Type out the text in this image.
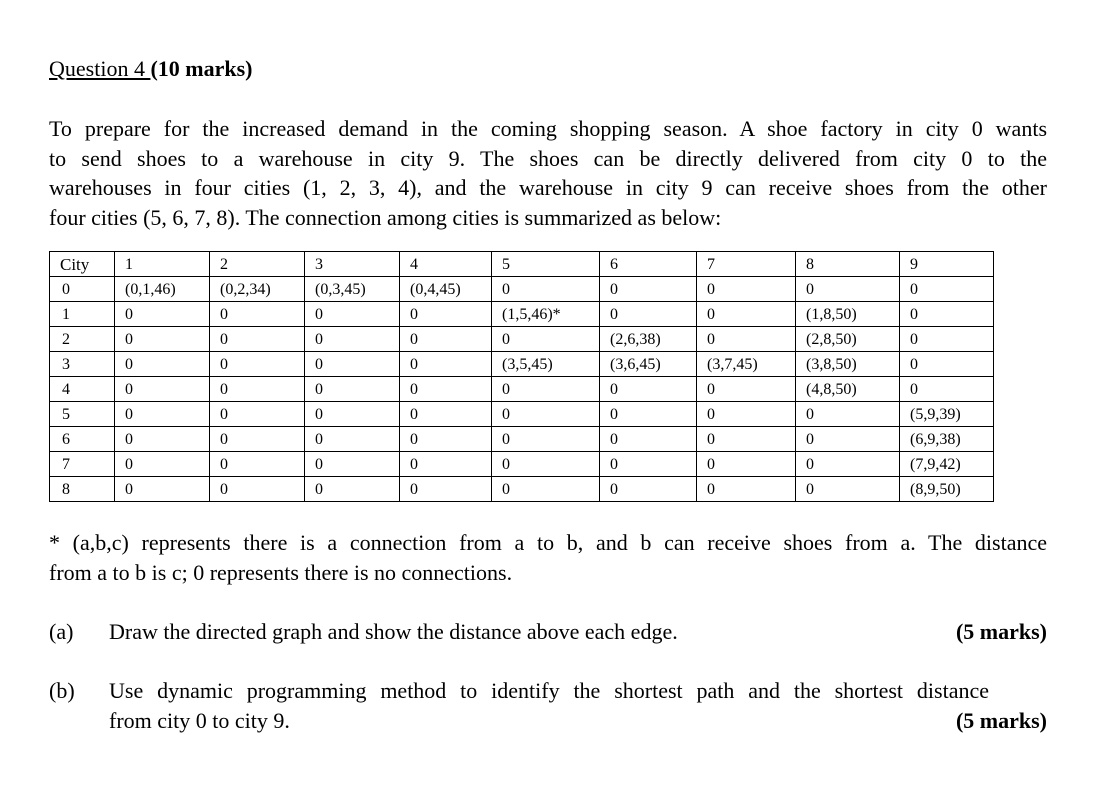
Question 4 (10 marks)
To prepare for the increased demand in the coming shopping season. A shoe factory in city 0 wants
to send shoes to a warehouse in city 9. The shoes can be directly delivered from city 0 to the
warehouses in four cities (1, 2, 3, 4), and the warehouse in city 9 can receive shoes from the other
four cities (5, 6, 7, 8). The connection among cities is summarized as below:
City	1	2	3	4	5	6	7	8	9
0	(0,1,46)	(0,2,34)	(0,3,45)	(0,4,45)	0	0	0	0	0
1	0	0	0	0	(1,5,46)*	0	0	(1,8,50)	0
2	0	0	0	0	0	(2,6,38)	0	(2,8,50)	0
3	0	0	0	0	(3,5,45)	(3,6,45)	(3,7,45)	(3,8,50)	0
4	0	0	0	0	0	0	0	(4,8,50)	0
5	0	0	0	0	0	0	0	0	(5,9,39)
6	0	0	0	0	0	0	0	0	(6,9,38)
7	0	0	0	0	0	0	0	0	(7,9,42)
8	0	0	0	0	0	0	0	0	(8,9,50)
* (a,b,c) represents there is a connection from a to b, and b can receive shoes from a. The distance
from a to b is c; 0 represents there is no connections.
(a) Draw the directed graph and show the distance above each edge.	(5 marks)
(b) Use dynamic programming method to identify the shortest path and the shortest distance
from city 0 to city 9.	(5 marks)
